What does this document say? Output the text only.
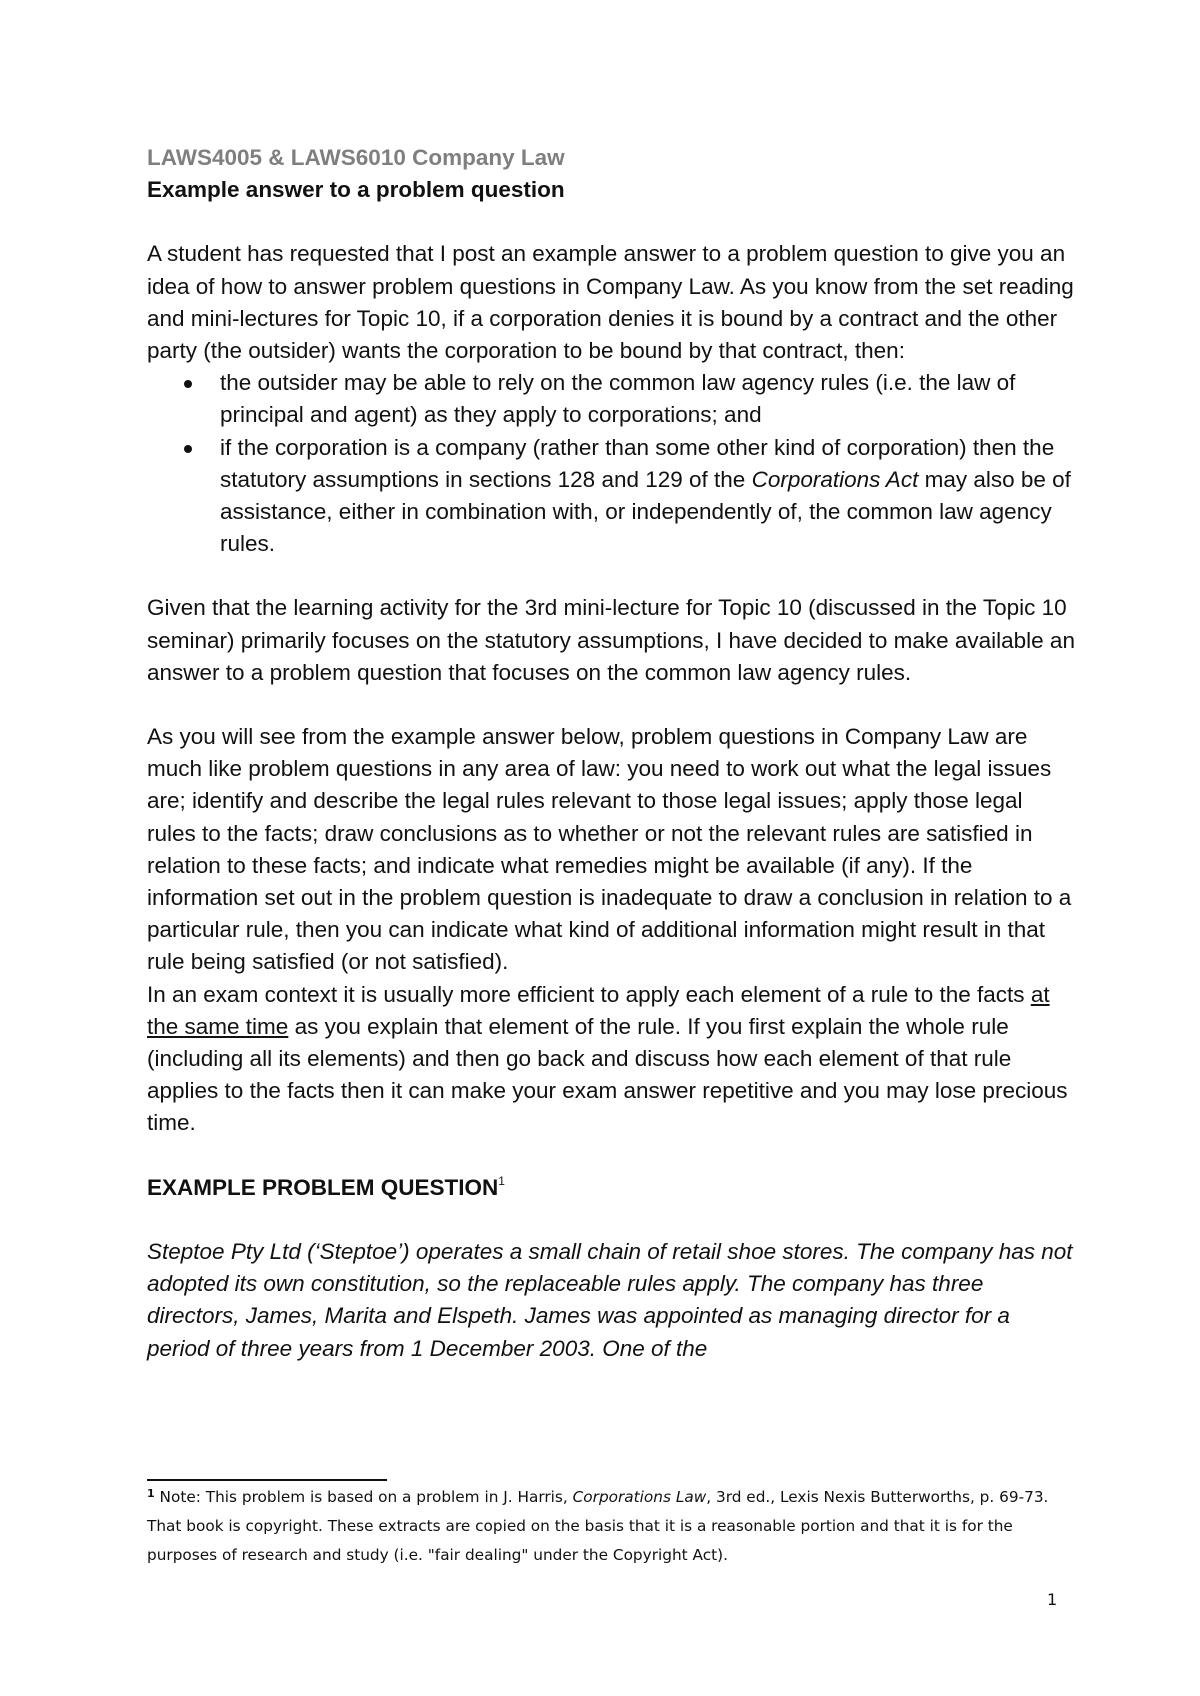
LAWS4005 & LAWS6010 Company Law
Example answer to a problem question

A student has requested that I post an example answer to a problem question to give you an idea of how to answer problem questions in Company Law. As you know from the set reading and mini-lectures for Topic 10, if a corporation denies it is bound by a contract and the other party (the outsider) wants the corporation to be bound by that contract, then:

the outsider may be able to rely on the common law agency rules (i.e. the law of principal and agent) as they apply to corporations; and
if the corporation is a company (rather than some other kind of corporation) then the statutory assumptions in sections 128 and 129 of the Corporations Act may also be of assistance, either in combination with, or independently of, the common law agency rules.

Given that the learning activity for the 3rd mini-lecture for Topic 10 (discussed in the Topic 10 seminar) primarily focuses on the statutory assumptions, I have decided to make available an answer to a problem question that focuses on the common law agency rules.

As you will see from the example answer below, problem questions in Company Law are much like problem questions in any area of law: you need to work out what the legal issues are; identify and describe the legal rules relevant to those legal issues; apply those legal rules to the facts; draw conclusions as to whether or not the relevant rules are satisfied in relation to these facts; and indicate what remedies might be available (if any). If the information set out in the problem question is inadequate to draw a conclusion in relation to a particular rule, then you can indicate what kind of additional information might result in that rule being satisfied (or not satisfied).

In an exam context it is usually more efficient to apply each element of a rule to the facts at the same time as you explain that element of the rule. If you first explain the whole rule (including all its elements) and then go back and discuss how each element of that rule applies to the facts then it can make your exam answer repetitive and you may lose precious time.

EXAMPLE PROBLEM QUESTION$^1$

Steptoe Pty Ltd (‘Steptoe’) operates a small chain of retail shoe stores. The company has not adopted its own constitution, so the replaceable rules apply. The company has three directors, James, Marita and Elspeth. James was appointed as managing director for a period of three years from 1 December 2003. One of the

$^1$ Note: This problem is based on a problem in J. Harris, Corporations Law, 3rd ed., Lexis Nexis Butterworths, p. 69-73. That book is copyright. These extracts are copied on the basis that it is a reasonable portion and that it is for the purposes of research and study (i.e. "fair dealing" under the Copyright Act).
1
